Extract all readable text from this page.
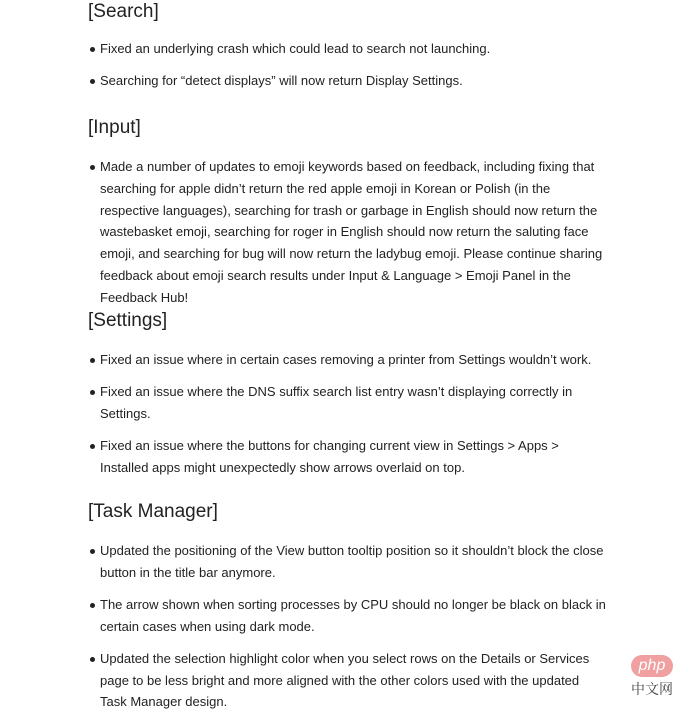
[Search]
Fixed an underlying crash which could lead to search not launching.
Searching for “detect displays” will now return Display Settings.
[Input]
Made a number of updates to emoji keywords based on feedback, including fixing that searching for apple didn’t return the red apple emoji in Korean or Polish (in the respective languages), searching for trash or garbage in English should now return the wastebasket emoji, searching for roger in English should now return the saluting face emoji, and searching for bug will now return the ladybug emoji. Please continue sharing feedback about emoji search results under Input & Language > Emoji Panel in the Feedback Hub!
[Settings]
Fixed an issue where in certain cases removing a printer from Settings wouldn’t work.
Fixed an issue where the DNS suffix search list entry wasn’t displaying correctly in Settings.
Fixed an issue where the buttons for changing current view in Settings > Apps > Installed apps might unexpectedly show arrows overlaid on top.
[Task Manager]
Updated the positioning of the View button tooltip position so it shouldn’t block the close button in the title bar anymore.
The arrow shown when sorting processes by CPU should no longer be black on black in certain cases when using dark mode.
Updated the selection highlight color when you select rows on the Details or Services page to be less bright and more aligned with the other colors used with the updated Task Manager design.
php
中文网
